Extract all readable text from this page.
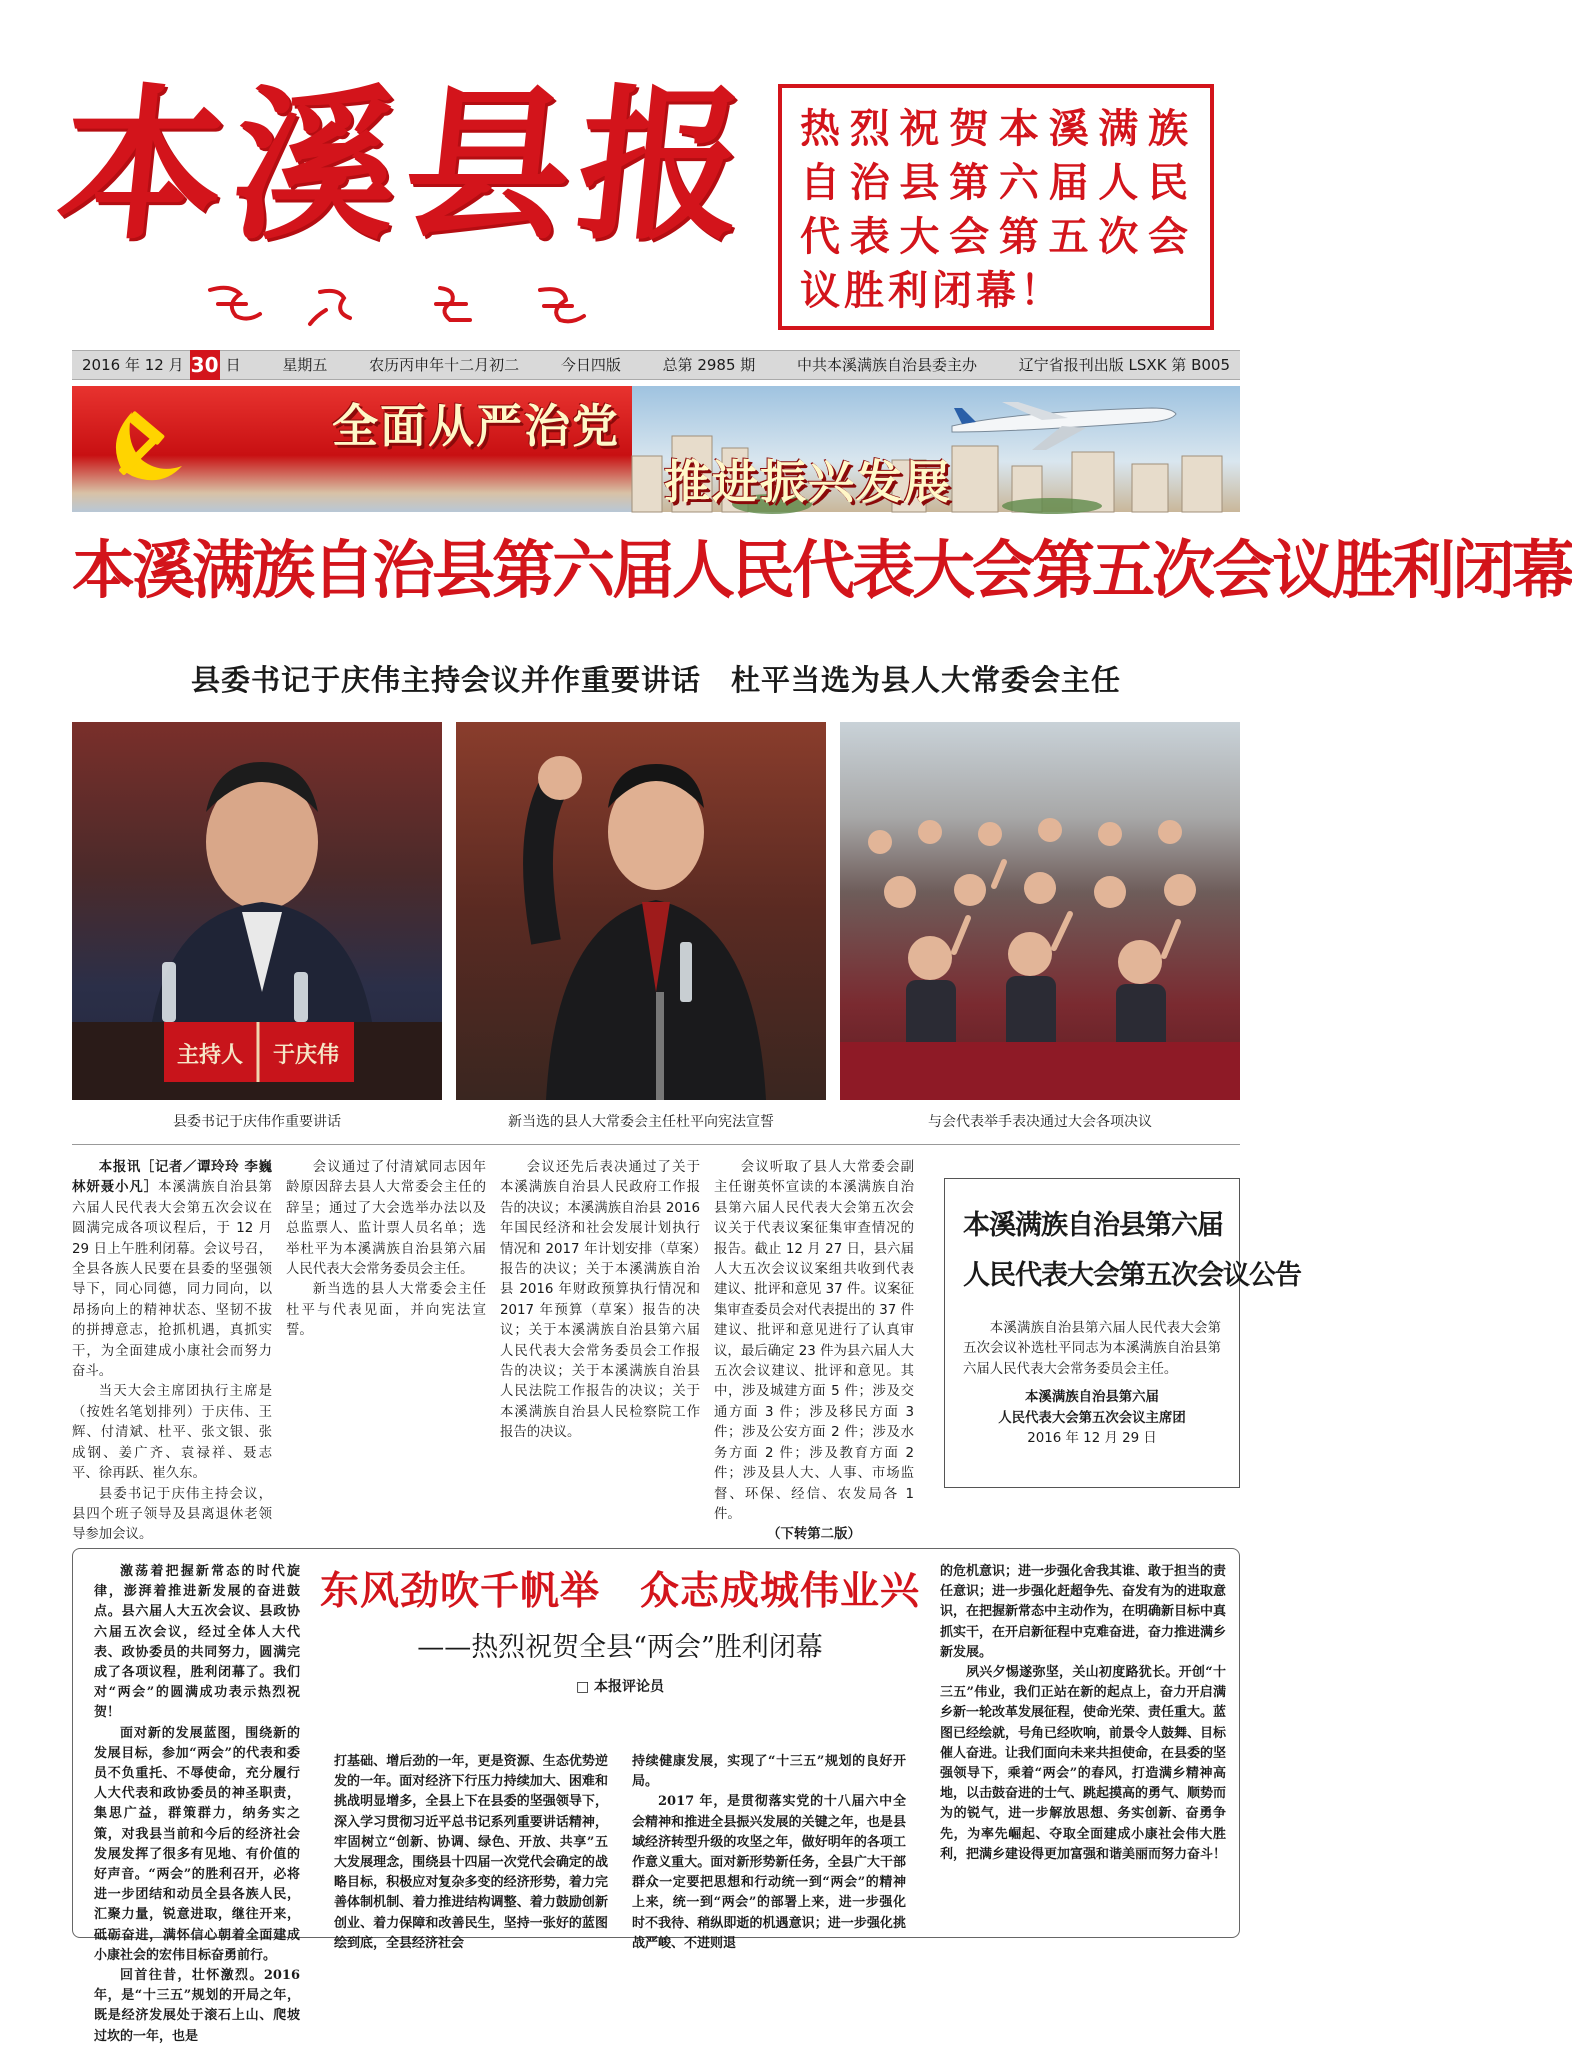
本溪县报 热烈祝贺本溪满族自治县第六届人民代表大会第五次会议胜利闭幕！
2016 年 12 月 30 日	星期五	农历丙申年十二月初二	今日四版	总第 2985 期	中共本溪满族自治县委主办	辽宁省报刊出版 LSXK 第 B005
全面从严治党
推进振兴发展
本溪满族自治县第六届人民代表大会第五次会议胜利闭幕
县委书记于庆伟主持会议并作重要讲话　杜平当选为县人大常委会主任
主持人 于庆伟
县委书记于庆伟作重要讲话	新当选的县人大常委会主任杜平向宪法宣誓	与会代表举手表决通过大会各项决议

本报讯［记者／谭玲玲 李巍 林妍聂小凡］本溪满族自治县第六届人民代表大会第五次会议在圆满完成各项议程后，于 12 月 29 日上午胜利闭幕。会议号召，全县各族人民要在县委的坚强领导下，同心同德，同力同向，以昂扬向上的精神状态、坚韧不拔的拼搏意志，抢抓机遇，真抓实干，为全面建成小康社会而努力奋斗。

当天大会主席团执行主席是（按姓名笔划排列）于庆伟、王辉、付清斌、杜平、张文银、张成钢、姜广齐、袁禄祥、聂志平、徐再跃、崔久东。

县委书记于庆伟主持会议，县四个班子领导及县离退休老领导参加会议。

会议通过了付清斌同志因年龄原因辞去县人大常委会主任的辞呈；通过了大会选举办法以及总监票人、监计票人员名单；选举杜平为本溪满族自治县第六届人民代表大会常务委员会主任。

新当选的县人大常委会主任杜平与代表见面，并向宪法宣誓。

会议还先后表决通过了关于本溪满族自治县人民政府工作报告的决议；本溪满族自治县 2016 年国民经济和社会发展计划执行情况和 2017 年计划安排（草案）报告的决议；关于本溪满族自治县 2016 年财政预算执行情况和 2017 年预算（草案）报告的决议；关于本溪满族自治县第六届人民代表大会常务委员会工作报告的决议；关于本溪满族自治县人民法院工作报告的决议；关于本溪满族自治县人民检察院工作报告的决议。

会议听取了县人大常委会副主任谢英怀宣读的本溪满族自治县第六届人民代表大会第五次会议关于代表议案征集审查情况的报告。截止 12 月 27 日，县六届人大五次会议议案组共收到代表建议、批评和意见 37 件。议案征集审查委员会对代表提出的 37 件建议、批评和意见进行了认真审议，最后确定 23 件为县六届人大五次会议建议、批评和意见。其中，涉及城建方面 5 件；涉及交通方面 3 件；涉及移民方面 3 件；涉及公安方面 2 件；涉及水务方面 2 件；涉及教育方面 2 件；涉及县人大、人事、市场监督、环保、经信、农发局各 1 件。

（下转第二版）

本溪满族自治县第六届
人民代表大会第五次会议公告
本溪满族自治县第六届人民代表大会第五次会议补选杜平同志为本溪满族自治县第六届人民代表大会常务委员会主任。
本溪满族自治县第六届
人民代表大会第五次会议主席团
2016 年 12 月 29 日
东风劲吹千帆举　众志成城伟业兴
——热烈祝贺全县“两会”胜利闭幕
□ 本报评论员

激荡着把握新常态的时代旋律，澎湃着推进新发展的奋进鼓点。县六届人大五次会议、县政协六届五次会议，经过全体人大代表、政协委员的共同努力，圆满完成了各项议程，胜利闭幕了。我们对“两会”的圆满成功表示热烈祝贺！

面对新的发展蓝图，围绕新的发展目标，参加“两会”的代表和委员不负重托、不辱使命，充分履行人大代表和政协委员的神圣职责，集思广益，群策群力，纳务实之策，对我县当前和今后的经济社会发展发挥了很多有见地、有价值的好声音。“两会”的胜利召开，必将进一步团结和动员全县各族人民，汇聚力量，锐意进取，继往开来，砥砺奋进，满怀信心朝着全面建成小康社会的宏伟目标奋勇前行。

回首往昔，壮怀激烈。2016 年，是“十三五”规划的开局之年，既是经济发展处于滚石上山、爬坡过坎的一年，也是

打基础、增后劲的一年，更是资源、生态优势逆发的一年。面对经济下行压力持续加大、困难和挑战明显增多，全县上下在县委的坚强领导下，深入学习贯彻习近平总书记系列重要讲话精神，牢固树立“创新、协调、绿色、开放、共享”五大发展理念，围绕县十四届一次党代会确定的战略目标，积极应对复杂多变的经济形势，着力完善体制机制、着力推进结构调整、着力鼓励创新创业、着力保障和改善民生，坚持一张好的蓝图绘到底，全县经济社会

持续健康发展，实现了“十三五”规划的良好开局。

2017 年，是贯彻落实党的十八届六中全会精神和推进全县振兴发展的关键之年，也是县域经济转型升级的攻坚之年，做好明年的各项工作意义重大。面对新形势新任务，全县广大干部群众一定要把思想和行动统一到“两会”的精神上来，统一到“两会”的部署上来，进一步强化时不我待、稍纵即逝的机遇意识；进一步强化挑战严峻、不进则退

的危机意识；进一步强化舍我其谁、敢于担当的责任意识；进一步强化赶超争先、奋发有为的进取意识，在把握新常态中主动作为，在明确新目标中真抓实干，在开启新征程中克难奋进，奋力推进满乡新发展。

夙兴夕惕遂弥坚，关山初度路犹长。开创“十三五”伟业，我们正站在新的起点上，奋力开启满乡新一轮改革发展征程，使命光荣、责任重大。蓝图已经绘就，号角已经吹响，前景令人鼓舞、目标催人奋进。让我们面向未来共担使命，在县委的坚强领导下，乘着“两会”的春风，打造满乡精神高地，以击鼓奋进的士气、跳起摸高的勇气、顺势而为的锐气，进一步解放思想、务实创新、奋勇争先，为率先崛起、夺取全面建成小康社会伟大胜利，把满乡建设得更加富强和谐美丽而努力奋斗！
